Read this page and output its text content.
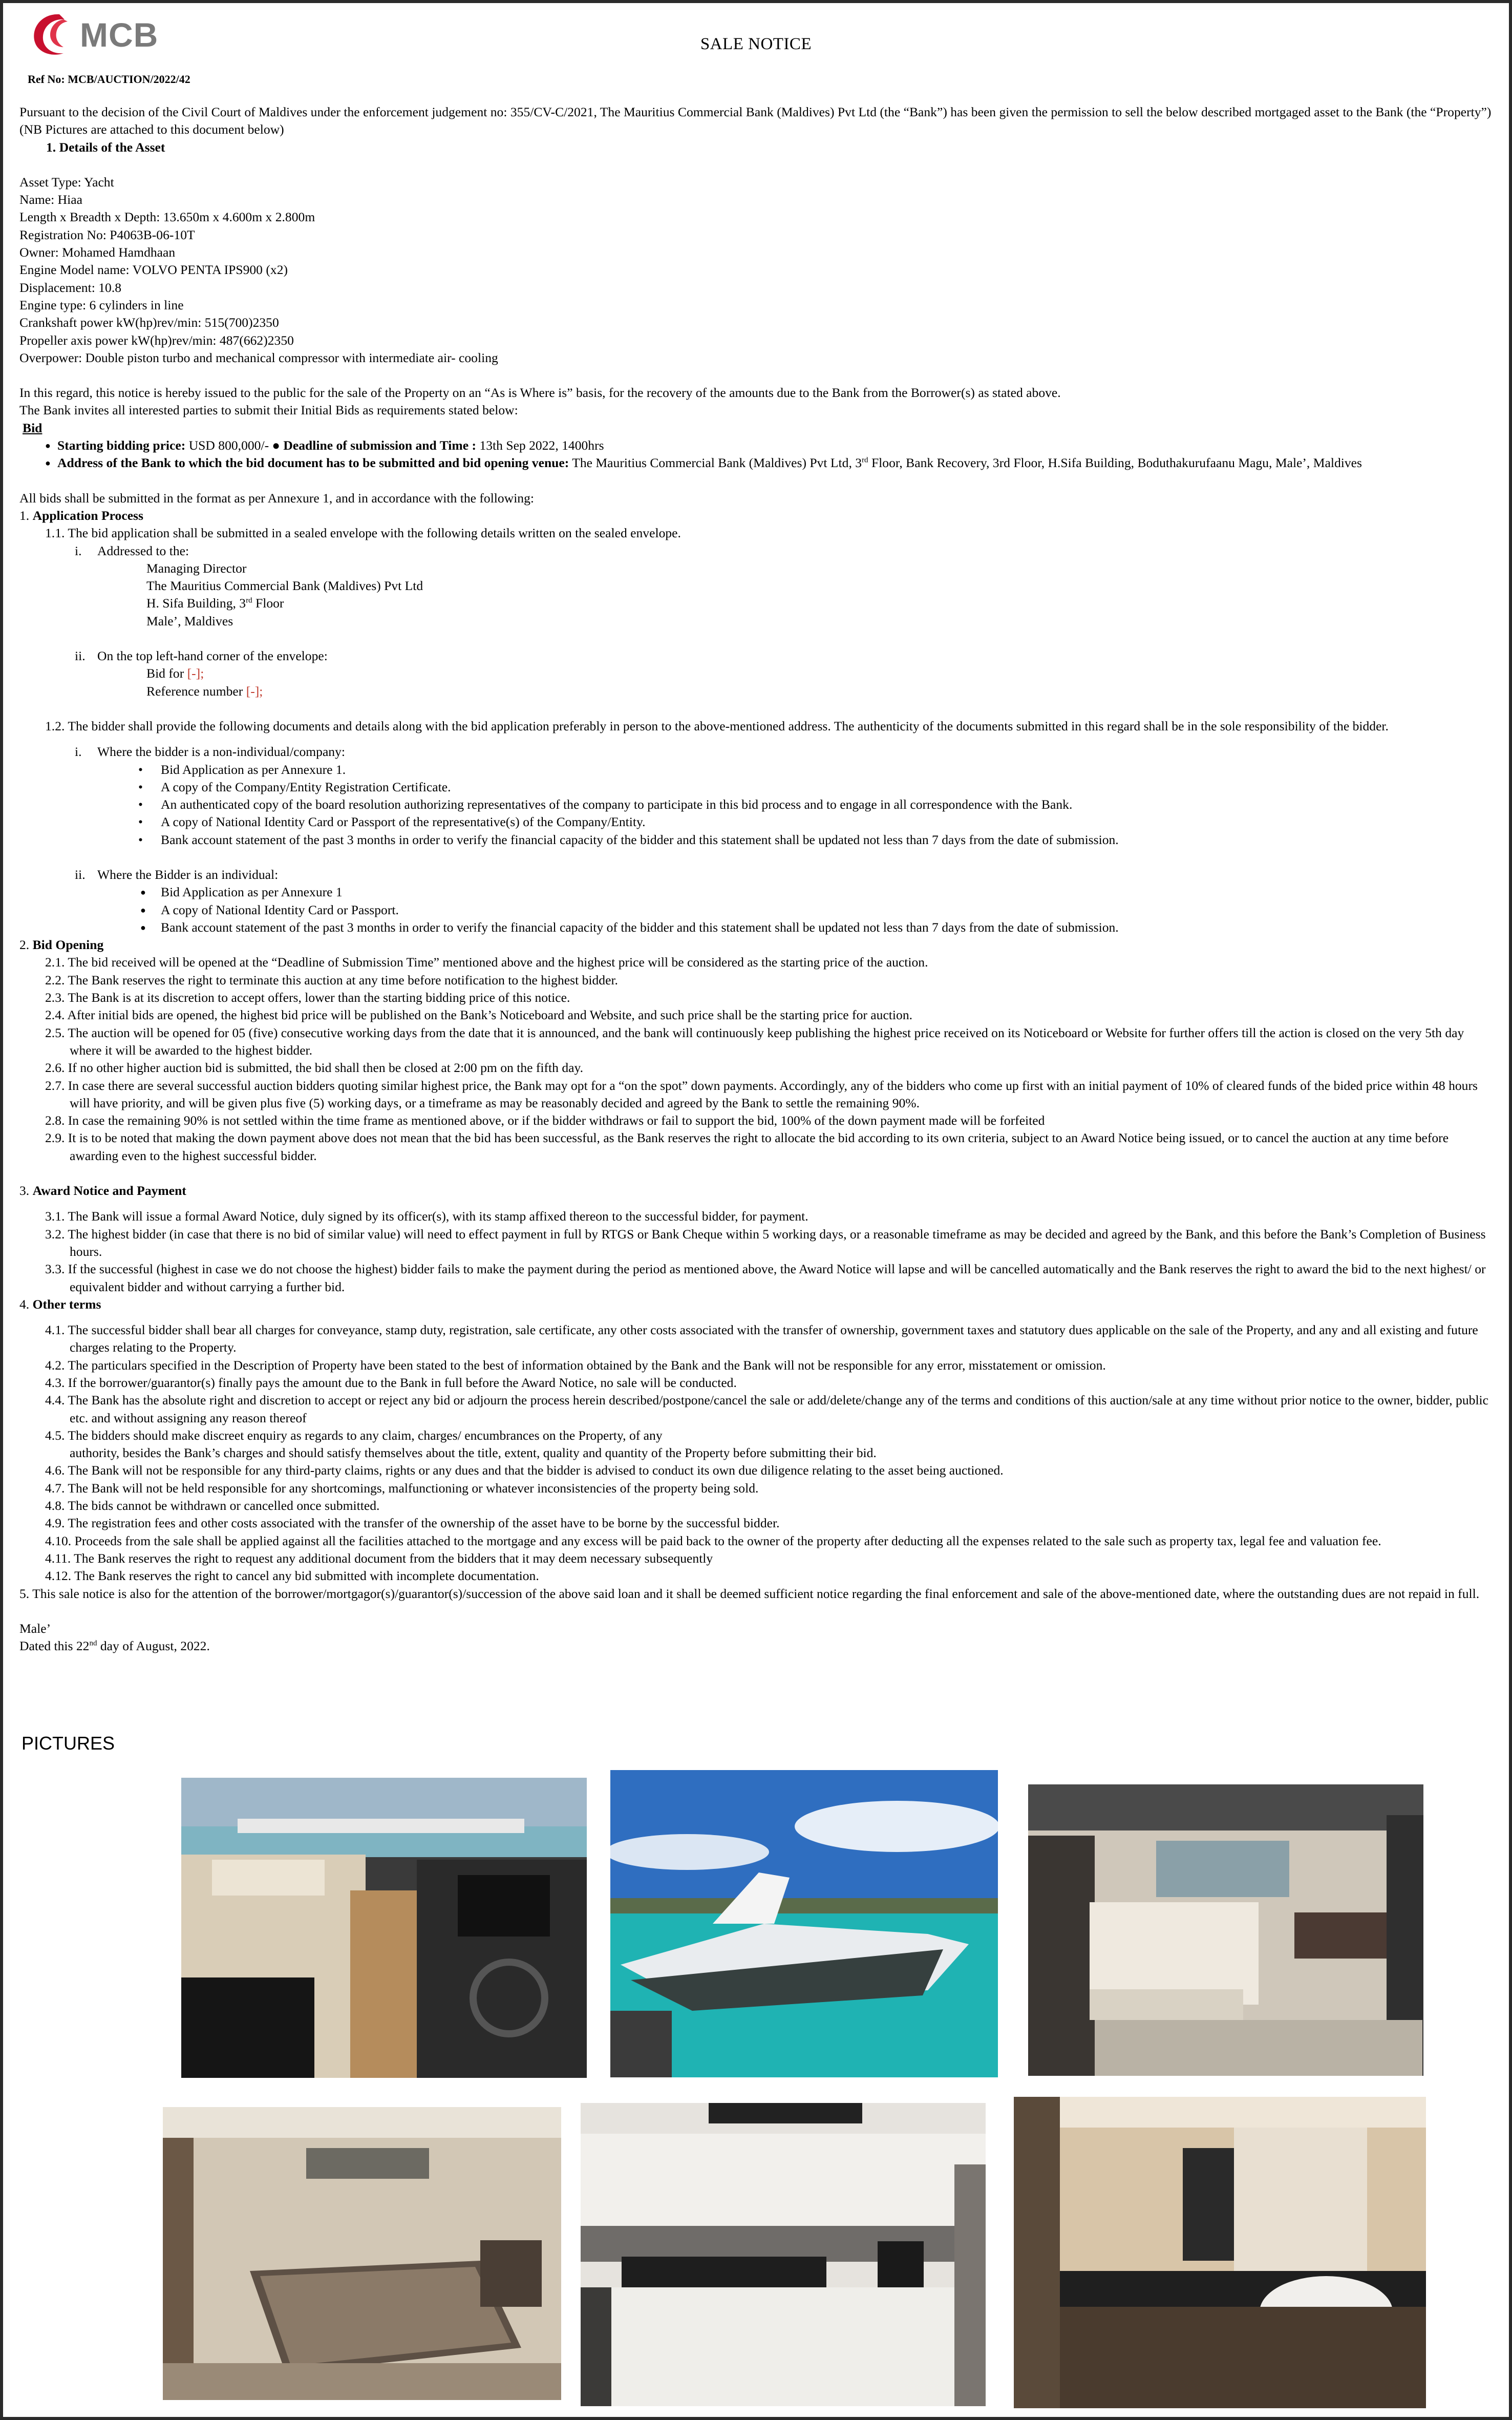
MCB	SALE NOTICE
Ref No: MCB/AUCTION/2022/42

Pursuant to the decision of the Civil Court of Maldives under the enforcement judgement no: 355/CV-C/2021, The Mauritius Commercial Bank (Maldives) Pvt Ltd (the “Bank”) has been given the permission to sell the below described mortgaged asset to the Bank (the “Property”) (NB Pictures are attached to this document below)

1. Details of the Asset

Asset Type: Yacht

Name: Hiaa

Length x Breadth x Depth: 13.650m x 4.600m x 2.800m

Registration No: P4063B-06-10T

Owner: Mohamed Hamdhaan

Engine Model name: VOLVO PENTA IPS900 (x2)

Displacement: 10.8

Engine type: 6 cylinders in line

Crankshaft power kW(hp)rev/min: 515(700)2350

Propeller axis power kW(hp)rev/min: 487(662)2350

Overpower: Double piston turbo and mechanical compressor with intermediate air- cooling

In this regard, this notice is hereby issued to the public for the sale of the Property on an “As is Where is” basis, for the recovery of the amounts due to the Bank from the Borrower(s) as stated above.

The Bank invites all interested parties to submit their Initial Bids as requirements stated below:

Bid

● Starting bidding price: USD 800,000/- ● Deadline of submission and Time : 13th Sep 2022, 1400hrs

● Address of the Bank to which the bid document has to be submitted and bid opening venue: The Mauritius Commercial Bank (Maldives) Pvt Ltd, 3rd Floor, Bank Recovery, 3rd Floor, H.Sifa Building, Boduthakurufaanu Magu, Male’, Maldives

All bids shall be submitted in the format as per Annexure 1, and in accordance with the following:

1. Application Process

1.1. The bid application shall be submitted in a sealed envelope with the following details written on the sealed envelope.

i. Addressed to the:

Managing Director

The Mauritius Commercial Bank (Maldives) Pvt Ltd

H. Sifa Building, 3rd Floor

Male’, Maldives

ii. On the top left-hand corner of the envelope:

Bid for [-];

Reference number [-];

1.2. The bidder shall provide the following documents and details along with the bid application preferably in person to the above-mentioned address. The authenticity of the documents submitted in this regard shall be in the sole responsibility of the bidder.

i. Where the bidder is a non-individual/company:

• Bid Application as per Annexure 1.

• A copy of the Company/Entity Registration Certificate.

• An authenticated copy of the board resolution authorizing representatives of the company to participate in this bid process and to engage in all correspondence with the Bank.

• A copy of National Identity Card or Passport of the representative(s) of the Company/Entity.

• Bank account statement of the past 3 months in order to verify the financial capacity of the bidder and this statement shall be updated not less than 7 days from the date of submission.

ii. Where the Bidder is an individual:

● Bid Application as per Annexure 1

● A copy of National Identity Card or Passport.

● Bank account statement of the past 3 months in order to verify the financial capacity of the bidder and this statement shall be updated not less than 7 days from the date of submission.

2. Bid Opening

2.1. The bid received will be opened at the “Deadline of Submission Time” mentioned above and the highest price will be considered as the starting price of the auction.

2.2. The Bank reserves the right to terminate this auction at any time before notification to the highest bidder.

2.3. The Bank is at its discretion to accept offers, lower than the starting bidding price of this notice.

2.4. After initial bids are opened, the highest bid price will be published on the Bank’s Noticeboard and Website, and such price shall be the starting price for auction.

2.5. The auction will be opened for 05 (five) consecutive working days from the date that it is announced, and the bank will continuously keep publishing the highest price received on its Noticeboard or Website for further offers till the action is closed on the very 5th day where it will be awarded to the highest bidder.

2.6. If no other higher auction bid is submitted, the bid shall then be closed at 2:00 pm on the fifth day.

2.7. In case there are several successful auction bidders quoting similar highest price, the Bank may opt for a “on the spot” down payments. Accordingly, any of the bidders who come up first with an initial payment of 10% of cleared funds of the bided price within 48 hours will have priority, and will be given plus five (5) working days, or a timeframe as may be reasonably decided and agreed by the Bank to settle the remaining 90%.

2.8. In case the remaining 90% is not settled within the time frame as mentioned above, or if the bidder withdraws or fail to support the bid, 100% of the down payment made will be forfeited

2.9. It is to be noted that making the down payment above does not mean that the bid has been successful, as the Bank reserves the right to allocate the bid according to its own criteria, subject to an Award Notice being issued, or to cancel the auction at any time before awarding even to the highest successful bidder.

3. Award Notice and Payment

3.1. The Bank will issue a formal Award Notice, duly signed by its officer(s), with its stamp affixed thereon to the successful bidder, for payment.

3.2. The highest bidder (in case that there is no bid of similar value) will need to effect payment in full by RTGS or Bank Cheque within 5 working days, or a reasonable timeframe as may be decided and agreed by the Bank, and this before the Bank’s Completion of Business hours.

3.3. If the successful (highest in case we do not choose the highest) bidder fails to make the payment during the period as mentioned above, the Award Notice will lapse and will be cancelled automatically and the Bank reserves the right to award the bid to the next highest/ or equivalent bidder and without carrying a further bid.

4. Other terms

4.1. The successful bidder shall bear all charges for conveyance, stamp duty, registration, sale certificate, any other costs associated with the transfer of ownership, government taxes and statutory dues applicable on the sale of the Property, and any and all existing and future charges relating to the Property.

4.2. The particulars specified in the Description of Property have been stated to the best of information obtained by the Bank and the Bank will not be responsible for any error, misstatement or omission.

4.3. If the borrower/guarantor(s) finally pays the amount due to the Bank in full before the Award Notice, no sale will be conducted.

4.4. The Bank has the absolute right and discretion to accept or reject any bid or adjourn the process herein described/postpone/cancel the sale or add/delete/change any of the terms and conditions of this auction/sale at any time without prior notice to the owner, bidder, public etc. and without assigning any reason thereof

4.5. The bidders should make discreet enquiry as regards to any claim, charges/ encumbrances on the Property, of any

authority, besides the Bank’s charges and should satisfy themselves about the title, extent, quality and quantity of the Property before submitting their bid.

4.6. The Bank will not be responsible for any third-party claims, rights or any dues and that the bidder is advised to conduct its own due diligence relating to the asset being auctioned.

4.7. The Bank will not be held responsible for any shortcomings, malfunctioning or whatever inconsistencies of the property being sold.

4.8. The bids cannot be withdrawn or cancelled once submitted.

4.9. The registration fees and other costs associated with the transfer of the ownership of the asset have to be borne by the successful bidder.

4.10. Proceeds from the sale shall be applied against all the facilities attached to the mortgage and any excess will be paid back to the owner of the property after deducting all the expenses related to the sale such as property tax, legal fee and valuation fee.

4.11. The Bank reserves the right to request any additional document from the bidders that it may deem necessary subsequently

4.12. The Bank reserves the right to cancel any bid submitted with incomplete documentation.

5. This sale notice is also for the attention of the borrower/mortgagor(s)/guarantor(s)/succession of the above said loan and it shall be deemed sufficient notice regarding the final enforcement and sale of the above-mentioned date, where the outstanding dues are not repaid in full.

Male’

Dated this 22nd day of August, 2022.

PICTURES
